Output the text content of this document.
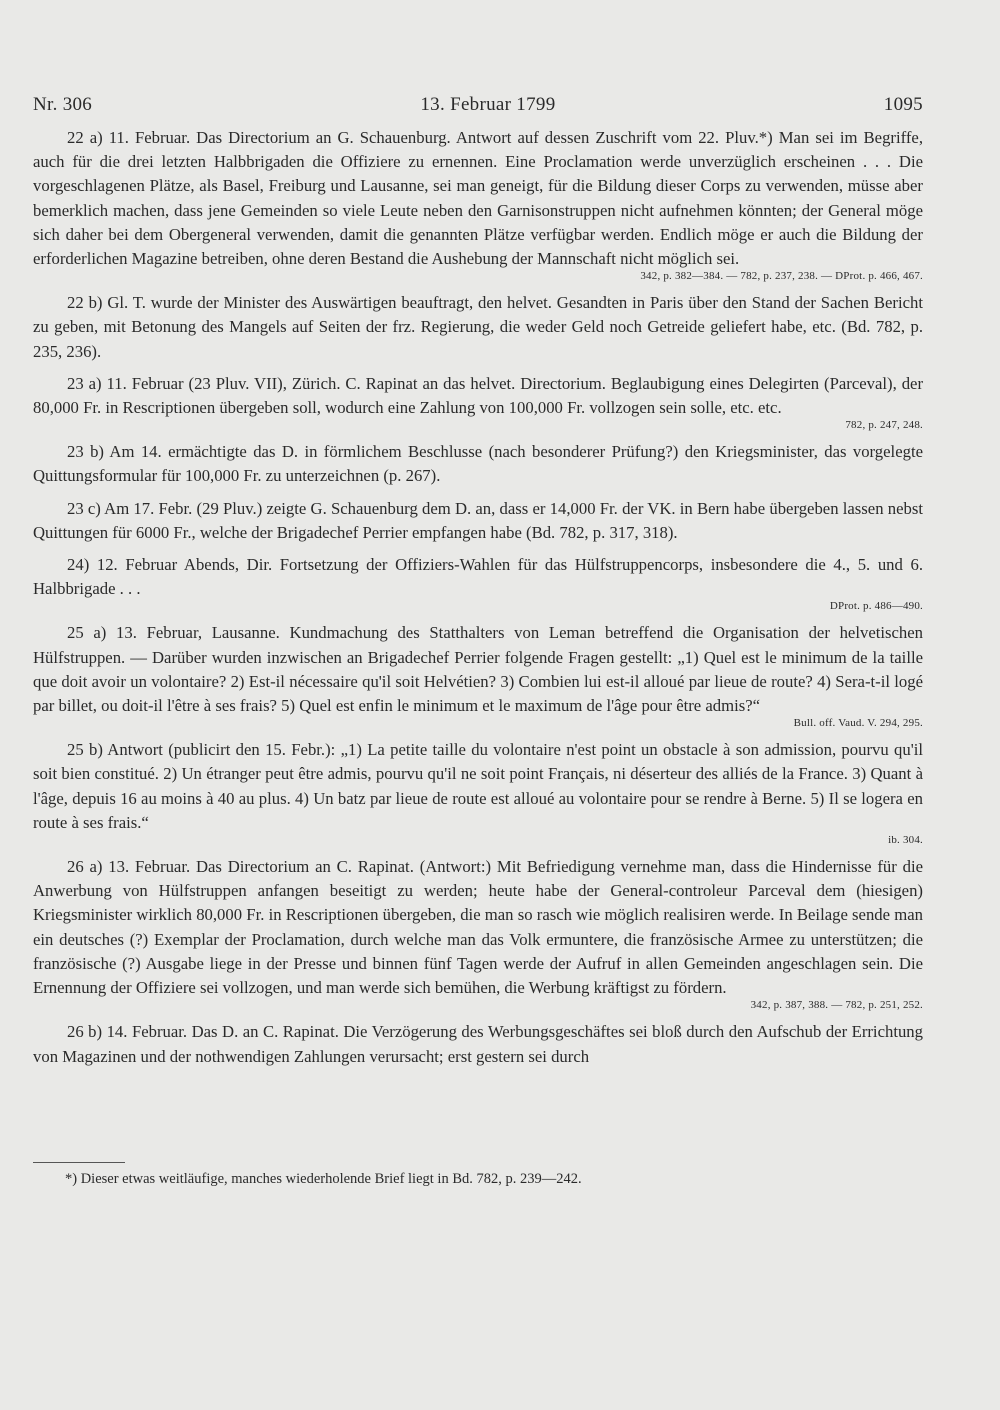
Nr. 306	13. Februar 1799	1095

22 a) 11. Februar. Das Directorium an G. Schauenburg. Antwort auf dessen Zuschrift vom 22. Pluv.*) Man sei im Begriffe, auch für die drei letzten Halbbrigaden die Offiziere zu ernennen. Eine Proclamation werde unverzüglich erscheinen . . . Die vorgeschlagenen Plätze, als Basel, Freiburg und Lausanne, sei man geneigt, für die Bildung dieser Corps zu verwenden, müsse aber bemerklich machen, dass jene Gemeinden so viele Leute neben den Garnisonstruppen nicht aufnehmen könnten; der General möge sich daher bei dem Obergeneral verwenden, damit die genannten Plätze verfügbar werden. Endlich möge er auch die Bildung der erforderlichen Magazine betreiben, ohne deren Bestand die Aushebung der Mannschaft nicht möglich sei.

342, p. 382—384. — 782, p. 237, 238. — DProt. p. 466, 467.

22 b) Gl. T. wurde der Minister des Auswärtigen beauftragt, den helvet. Gesandten in Paris über den Stand der Sachen Bericht zu geben, mit Betonung des Mangels auf Seiten der frz. Regierung, die weder Geld noch Getreide geliefert habe, etc. (Bd. 782, p. 235, 236).

23 a) 11. Februar (23 Pluv. VII), Zürich. C. Rapinat an das helvet. Directorium. Beglaubigung eines Delegirten (Parceval), der 80,000 Fr. in Rescriptionen übergeben soll, wodurch eine Zahlung von 100,000 Fr. vollzogen sein solle, etc. etc.

782, p. 247, 248.

23 b) Am 14. ermächtigte das D. in förmlichem Beschlusse (nach besonderer Prüfung?) den Kriegsminister, das vorgelegte Quittungsformular für 100,000 Fr. zu unterzeichnen (p. 267).

23 c) Am 17. Febr. (29 Pluv.) zeigte G. Schauenburg dem D. an, dass er 14,000 Fr. der VK. in Bern habe übergeben lassen nebst Quittungen für 6000 Fr., welche der Brigadechef Perrier empfangen habe (Bd. 782, p. 317, 318).

24) 12. Februar Abends, Dir. Fortsetzung der Offiziers-Wahlen für das Hülfstruppencorps, insbesondere die 4., 5. und 6. Halbbrigade . . .

DProt. p. 486—490.

25 a) 13. Februar, Lausanne. Kundmachung des Statthalters von Leman betreffend die Organisation der helvetischen Hülfstruppen. — Darüber wurden inzwischen an Brigadechef Perrier folgende Fragen gestellt: „1) Quel est le minimum de la taille que doit avoir un volontaire? 2) Est-il nécessaire qu'il soit Helvétien? 3) Combien lui est-il alloué par lieue de route? 4) Sera-t-il logé par billet, ou doit-il l'être à ses frais? 5) Quel est enfin le minimum et le maximum de l'âge pour être admis?“

Bull. off. Vaud. V. 294, 295.

25 b) Antwort (publicirt den 15. Febr.): „1) La petite taille du volontaire n'est point un obstacle à son admission, pourvu qu'il soit bien constitué. 2) Un étranger peut être admis, pourvu qu'il ne soit point Français, ni déserteur des alliés de la France. 3) Quant à l'âge, depuis 16 au moins à 40 au plus. 4) Un batz par lieue de route est alloué au volontaire pour se rendre à Berne. 5) Il se logera en route à ses frais.“

ib. 304.

26 a) 13. Februar. Das Directorium an C. Rapinat. (Antwort:) Mit Befriedigung vernehme man, dass die Hindernisse für die Anwerbung von Hülfstruppen anfangen beseitigt zu werden; heute habe der General-controleur Parceval dem (hiesigen) Kriegsminister wirklich 80,000 Fr. in Rescriptionen übergeben, die man so rasch wie möglich realisiren werde. In Beilage sende man ein deutsches (?) Exemplar der Proclamation, durch welche man das Volk ermuntere, die französische Armee zu unterstützen; die französische (?) Ausgabe liege in der Presse und binnen fünf Tagen werde der Aufruf in allen Gemeinden angeschlagen sein. Die Ernennung der Offiziere sei vollzogen, und man werde sich bemühen, die Werbung kräftigst zu fördern.

342, p. 387, 388. — 782, p. 251, 252.

26 b) 14. Februar. Das D. an C. Rapinat. Die Verzögerung des Werbungsgeschäftes sei bloß durch den Aufschub der Errichtung von Magazinen und der nothwendigen Zahlungen verursacht; erst gestern sei durch

*) Dieser etwas weitläufige, manches wiederholende Brief liegt in Bd. 782, p. 239—242.
